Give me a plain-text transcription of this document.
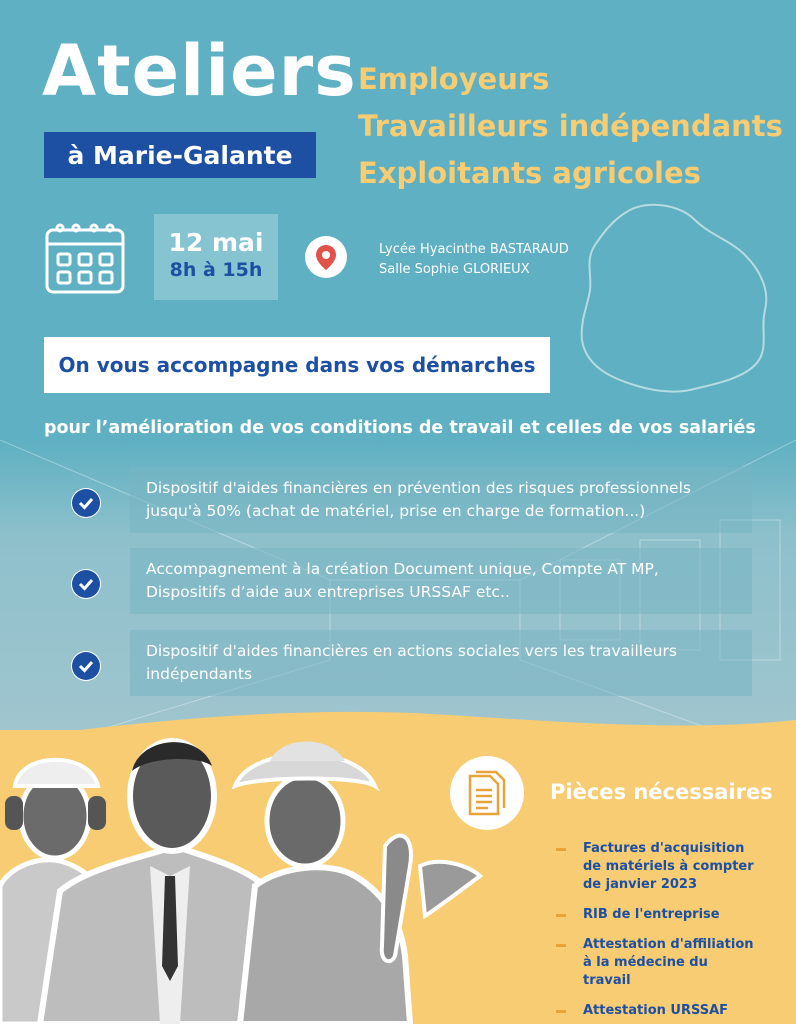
Ateliers
à Marie-Galante
Employeurs
Travailleurs indépendants
Exploitants agricoles
12 mai
8h à 15h
Lycée Hyacinthe BASTARAUD
Salle Sophie GLORIEUX
On vous accompagne dans vos démarches
pour l’amélioration de vos conditions de travail et celles de vos salariés
Dispositif d'aides financières en prévention des risques professionnels jusqu'à 50% (achat de matériel, prise en charge de formation...)
Accompagnement à la création Document unique, Compte AT MP, Dispositifs d’aide aux entreprises URSSAF etc..
Dispositif d'aides financières en actions sociales vers les travailleurs indépendants
Pièces nécessaires
Factures d'acquisition de matériels à compter de janvier 2023
RIB de l'entreprise
Attestation d'affiliation à la médecine du travail
Attestation URSSAF
